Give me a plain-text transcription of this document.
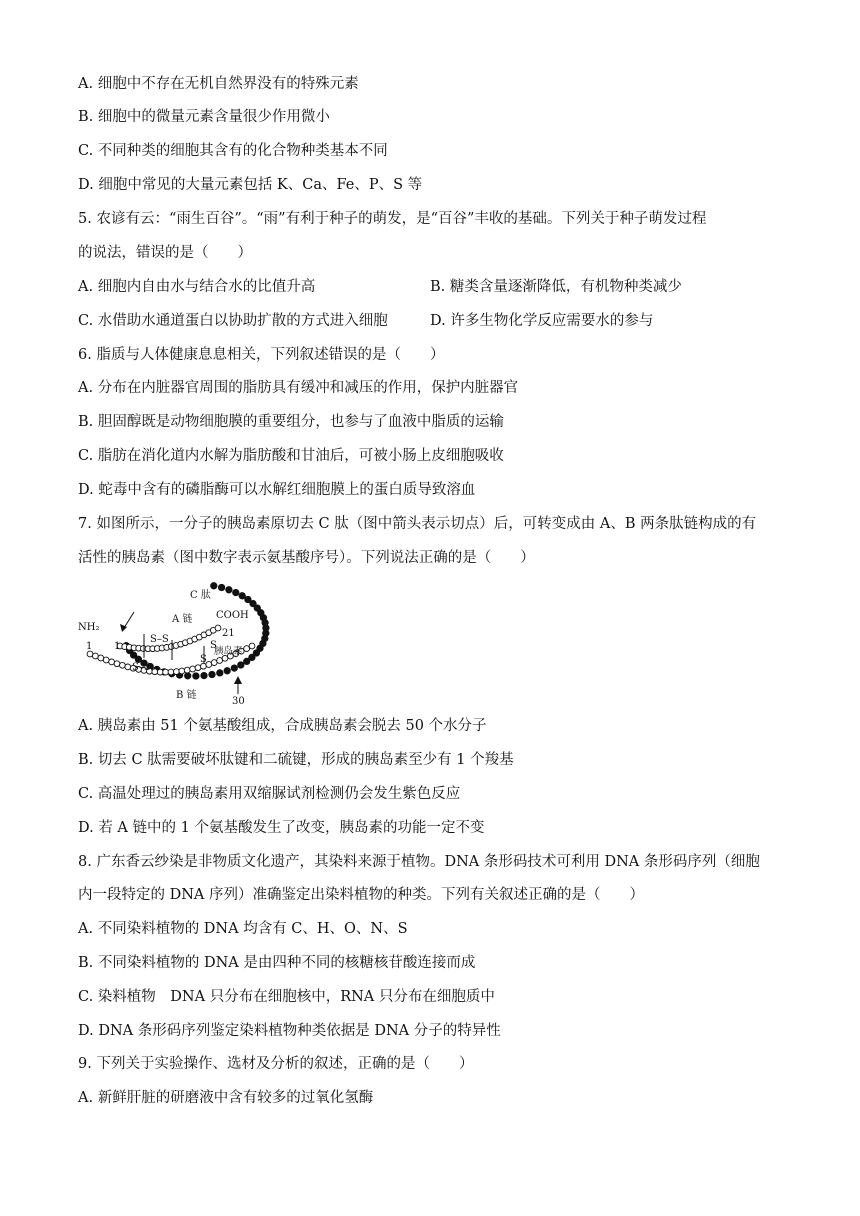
A. 细胞中不存在无机自然界没有的特殊元素
B. 细胞中的微量元素含量很少作用微小
C. 不同种类的细胞其含有的化合物种类基本不同
D. 细胞中常见的大量元素包括 K、Ca、Fe、P、S 等
5. 农谚有云：“雨生百谷”。“雨”有利于种子的萌发，是“百谷”丰收的基础。下列关于种子萌发过程
的说法，错误的是（　　）
A. 细胞内自由水与结合水的比值升高	B. 糖类含量逐渐降低，有机物种类减少
C. 水借助水通道蛋白以协助扩散的方式进入细胞	D. 许多生物化学反应需要水的参与
6. 脂质与人体健康息息相关，下列叙述错误的是（　　）
A. 分布在内脏器官周围的脂肪具有缓冲和减压的作用，保护内脏器官
B. 胆固醇既是动物细胞膜的重要组分，也参与了血液中脂质的运输
C. 脂肪在消化道内水解为脂肪酸和甘油后，可被小肠上皮细胞吸收
D. 蛇毒中含有的磷脂酶可以水解红细胞膜上的蛋白质导致溶血
7. 如图所示，一分子的胰岛素原切去 C 肽（图中箭头表示切点）后，可转变成由 A、B 两条肽链构成的有
活性的胰岛素（图中数字表示氨基酸序号）。下列说法正确的是（　　）
C 肽
A 链 COOH
21
NH₂
1 1
S–S
S–S
S
S
胰岛素
B 链
30
A. 胰岛素由 51 个氨基酸组成，合成胰岛素会脱去 50 个水分子
B. 切去 C 肽需要破坏肽键和二硫键，形成的胰岛素至少有 1 个羧基
C. 高温处理过的胰岛素用双缩脲试剂检测仍会发生紫色反应
D. 若 A 链中的 1 个氨基酸发生了改变，胰岛素的功能一定不变
8. 广东香云纱染是非物质文化遗产，其染料来源于植物。DNA 条形码技术可利用 DNA 条形码序列（细胞
内一段特定的 DNA 序列）准确鉴定出染料植物的种类。下列有关叙述正确的是（　　）
A. 不同染料植物的 DNA 均含有 C、H、O、N、S
B. 不同染料植物的 DNA 是由四种不同的核糖核苷酸连接而成
C. 染料植物　DNA 只分布在细胞核中，RNA 只分布在细胞质中
D. DNA 条形码序列鉴定染料植物种类依据是 DNA 分子的特异性
9. 下列关于实验操作、选材及分析的叙述，正确的是（　　）
A. 新鲜肝脏的研磨液中含有较多的过氧化氢酶
